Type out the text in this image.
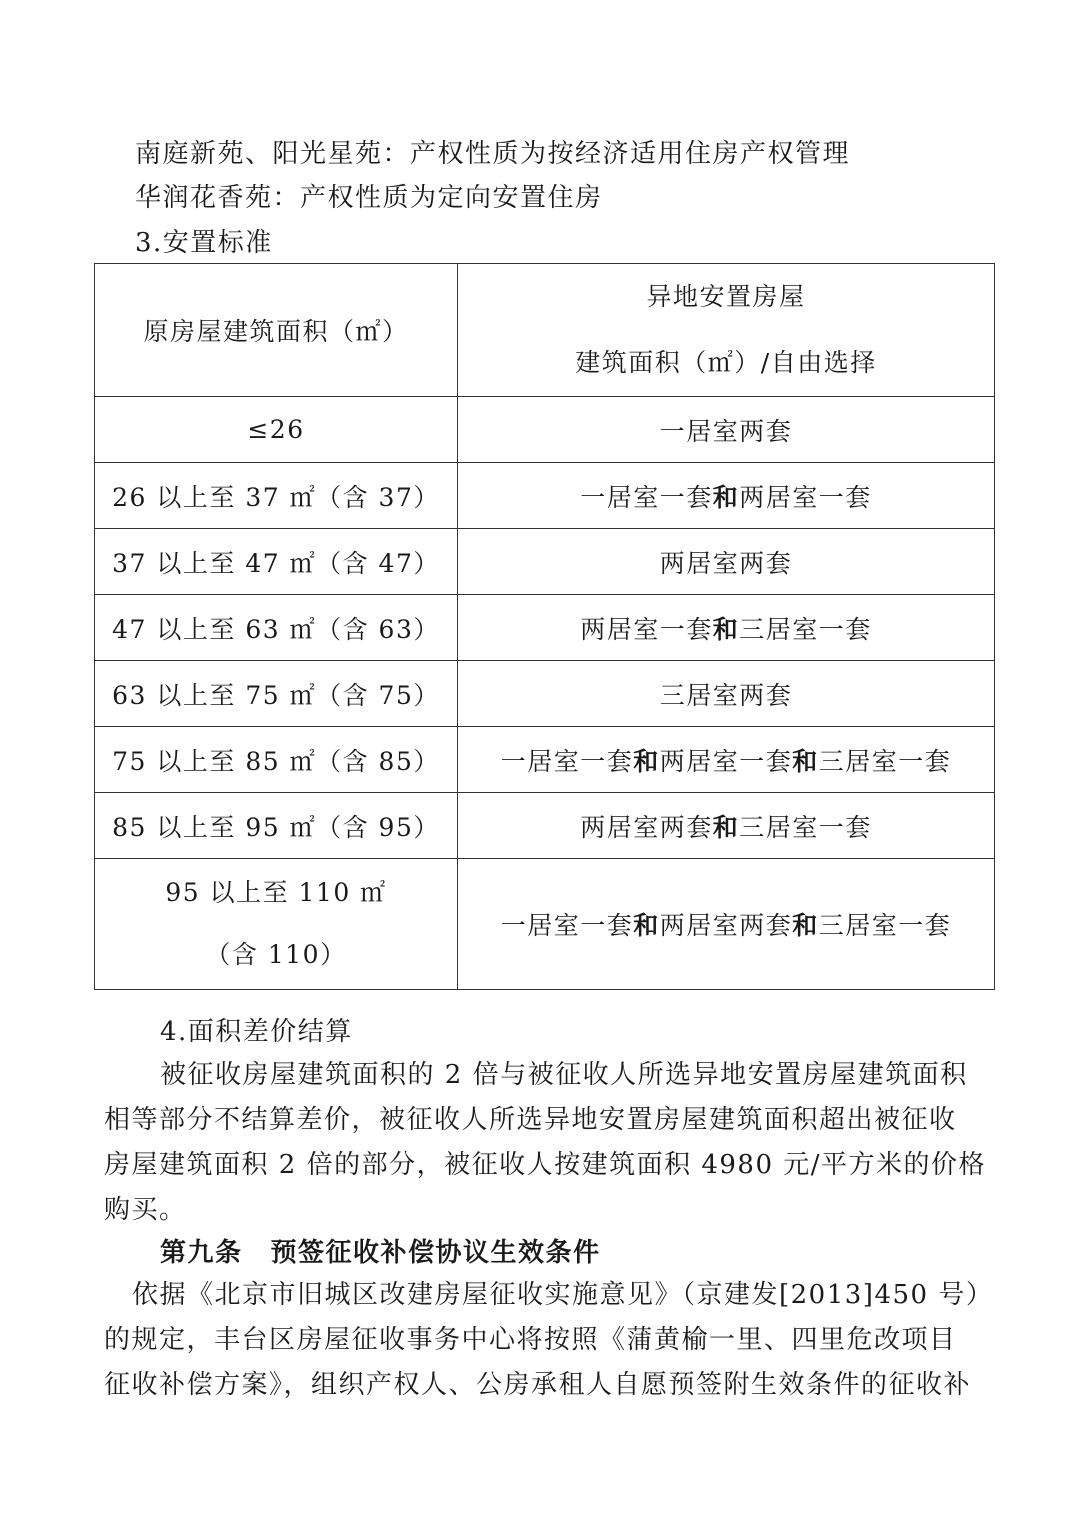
南庭新苑、阳光星苑：产权性质为按经济适用住房产权管理
华润花香苑：产权性质为定向安置住房
3.安置标准
原房屋建筑面积（㎡）	异地安置房屋
建筑面积（㎡）/自由选择

≤26	一居室两套
26 以上至 37 ㎡（含 37）	一居室一套和两居室一套
37 以上至 47 ㎡（含 47）	两居室两套
47 以上至 63 ㎡（含 63）	两居室一套和三居室一套
63 以上至 75 ㎡（含 75）	三居室两套
75 以上至 85 ㎡（含 85）	一居室一套和两居室一套和三居室一套
85 以上至 95 ㎡（含 95）	两居室两套和三居室一套

95 以上至 110 ㎡
（含 110）	一居室一套和两居室两套和三居室一套
4.面积差价结算
被征收房屋建筑面积的 2 倍与被征收人所选异地安置房屋建筑面积
相等部分不结算差价，被征收人所选异地安置房屋建筑面积超出被征收
房屋建筑面积 2 倍的部分，被征收人按建筑面积 4980 元/平方米的价格
购买。
第九条 预签征收补偿协议生效条件
依据《北京市旧城区改建房屋征收实施意见》（京建发[2013]450 号）
的规定，丰台区房屋征收事务中心将按照《蒲黄榆一里、四里危改项目
征收补偿方案》，组织产权人、公房承租人自愿预签附生效条件的征收补
